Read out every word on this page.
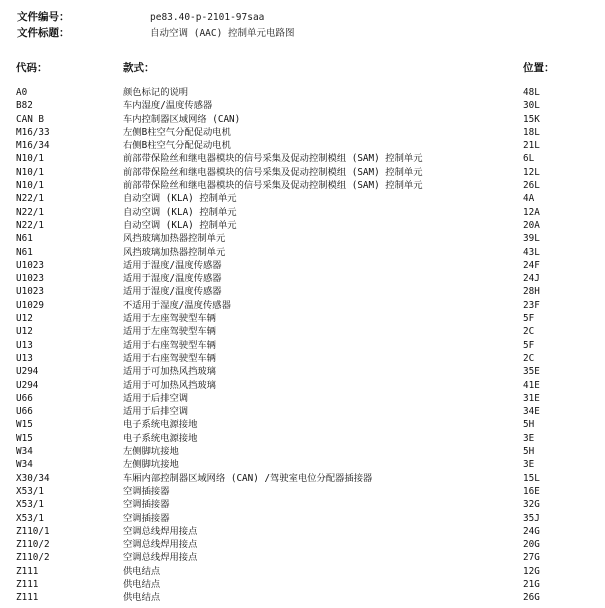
文件编号：	pe83.40-p-2101-97saa
文件标题：	自动空调 (AAC) 控制单元电路图
代码：	款式：	位置：
A0	颜色标记的说明	48L
B82	车内湿度/温度传感器	30L
CAN B	车内控制器区域网络 (CAN)	15K
M16/33	左侧B柱空气分配促动电机	18L
M16/34	右侧B柱空气分配促动电机	21L
N10/1	前部带保险丝和继电器模块的信号采集及促动控制模组 (SAM) 控制单元	6L
N10/1	前部带保险丝和继电器模块的信号采集及促动控制模组 (SAM) 控制单元	12L
N10/1	前部带保险丝和继电器模块的信号采集及促动控制模组 (SAM) 控制单元	26L
N22/1	自动空调 (KLA) 控制单元	4A
N22/1	自动空调 (KLA) 控制单元	12A
N22/1	自动空调 (KLA) 控制单元	20A
N61	风挡玻璃加热器控制单元	39L
N61	风挡玻璃加热器控制单元	43L
U1023	适用于湿度/温度传感器	24F
U1023	适用于湿度/温度传感器	24J
U1023	适用于湿度/温度传感器	28H
U1029	不适用于湿度/温度传感器	23F
U12	适用于左座驾驶型车辆	5F
U12	适用于左座驾驶型车辆	2C
U13	适用于右座驾驶型车辆	5F
U13	适用于右座驾驶型车辆	2C
U294	适用于可加热风挡玻璃	35E
U294	适用于可加热风挡玻璃	41E
U66	适用于后排空调	31E
U66	适用于后排空调	34E
W15	电子系统电源接地	5H
W15	电子系统电源接地	3E
W34	左侧脚坑接地	5H
W34	左侧脚坑接地	3E
X30/34	车厢内部控制器区域网络 (CAN) /驾驶室电位分配器插接器	15L
X53/1	空调插接器	16E
X53/1	空调插接器	32G
X53/1	空调插接器	35J
Z110/1	空调总线焊用接点	24G
Z110/2	空调总线焊用接点	20G
Z110/2	空调总线焊用接点	27G
Z111	供电结点	12G
Z111	供电结点	21G
Z111	供电结点	26G
